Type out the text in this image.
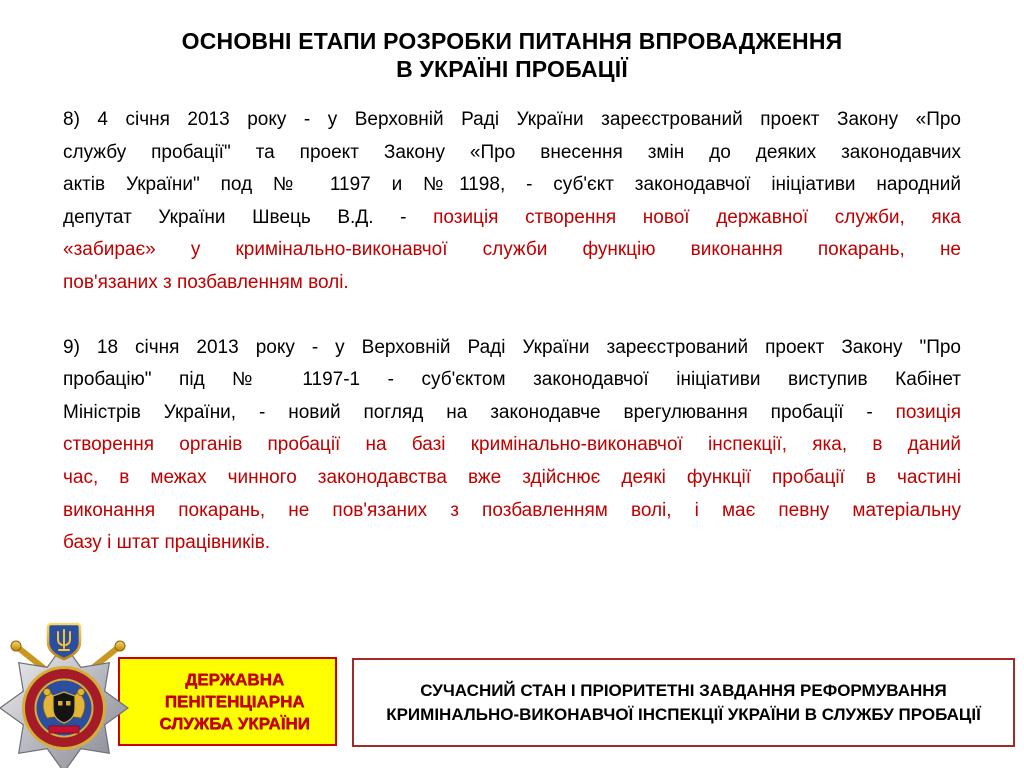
ОСНОВНІ ЕТАПИ РОЗРОБКИ ПИТАННЯ ВПРОВАДЖЕННЯ
В УКРАЇНІ ПРОБАЦІЇ
8) 4 січня 2013 року - у Верховній Раді України зареєстрований проект Закону «Про
службу пробації" та проект Закону «Про внесення змін до деяких законодавчих
актів України" под № 1197 и №1198, - суб'єкт законодавчої ініціативи народний
депутат України Швець В.Д. - позиція створення нової державної служби, яка
«забирає» у кримінально-виконавчої служби функцію виконання покарань, не
пов'язаних з позбавленням волі.
9) 18 січня 2013 року - у Верховній Раді України зареєстрований проект Закону "Про
пробацію" під № 1197-1 - суб'єктом законодавчої ініціативи виступив Кабінет
Міністрів України, - новий погляд на законодавче врегулювання пробації - позиція
створення органів пробації на базі кримінально-виконавчої інспекції, яка, в даний
час, в межах чинного законодавства вже здійснює деякі функції пробації в частині
виконання покарань, не пов'язаних з позбавленням волі, і має певну матеріальну
базу і штат працівників.
ДЕРЖАВНА
ПЕНІТЕНЦІАРНА
СЛУЖБА УКРАЇНИ
СУЧАСНИЙ СТАН І ПРІОРИТЕТНІ ЗАВДАННЯ РЕФОРМУВАННЯ
КРИМІНАЛЬНО-ВИКОНАВЧОЇ ІНСПЕКЦІЇ УКРАЇНИ В СЛУЖБУ ПРОБАЦІЇ
